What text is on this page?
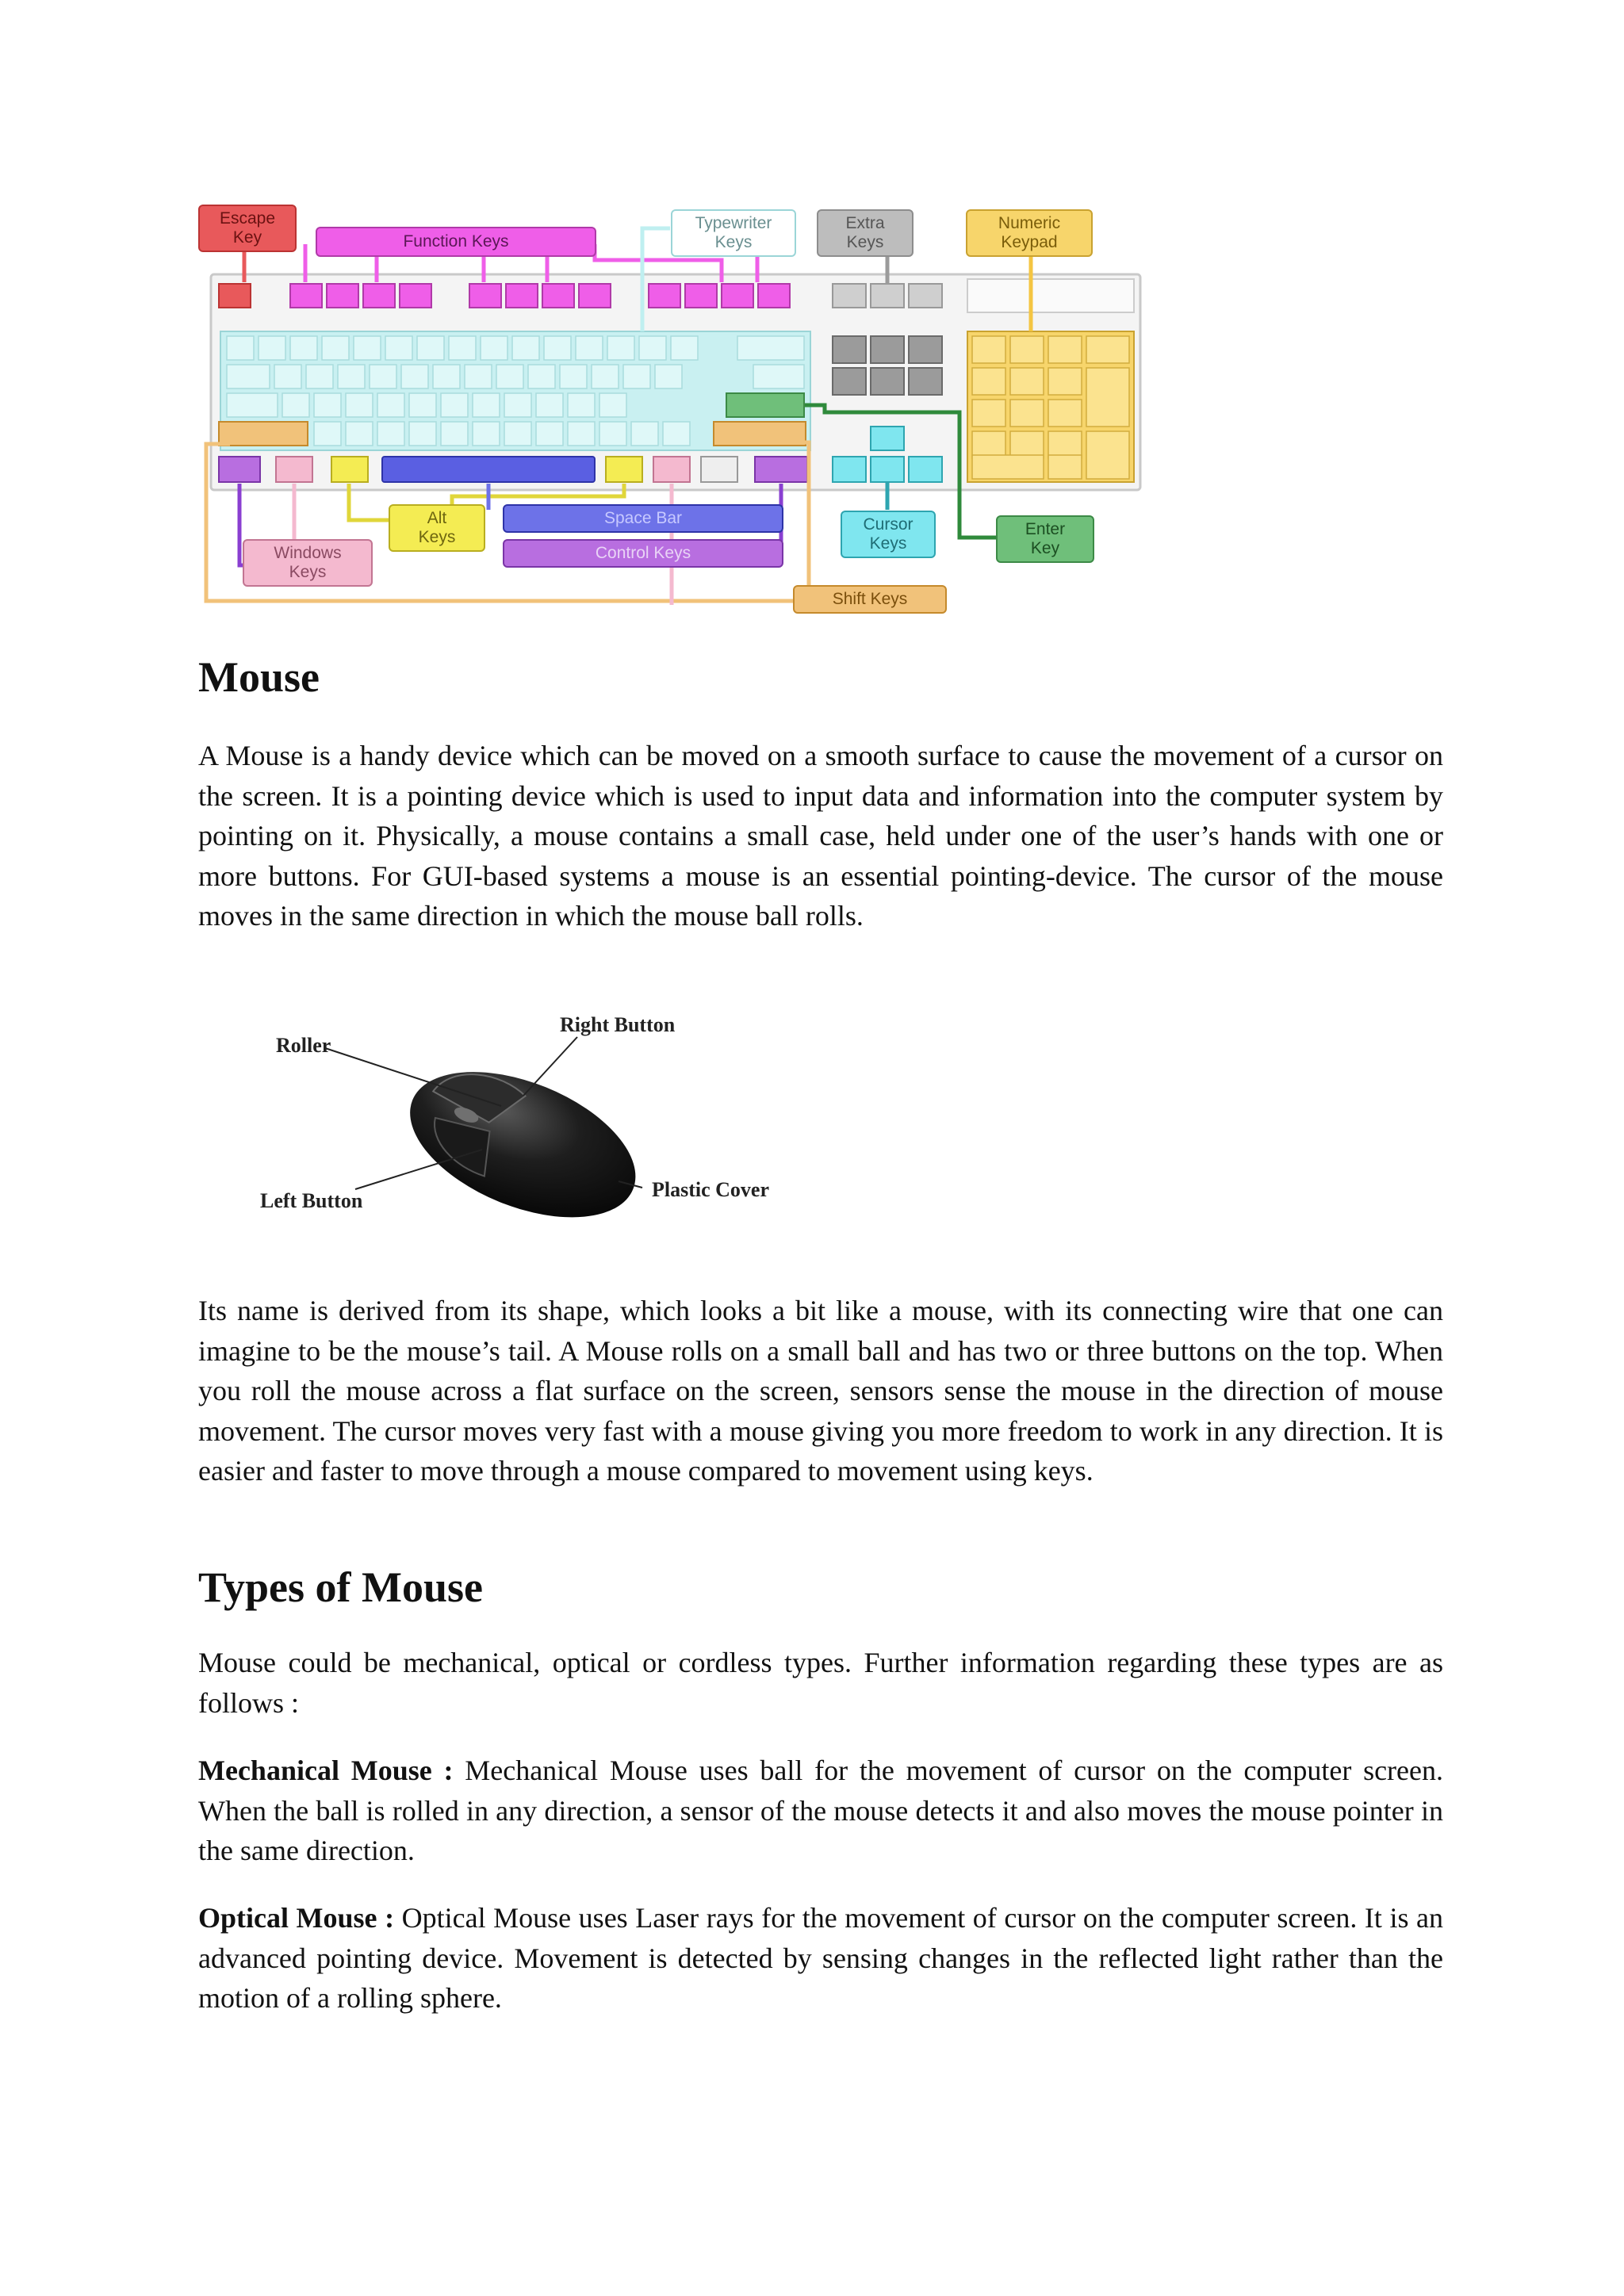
Escape
Key	Function Keys
Typewriter
Keys
Extra
Keys
Numeric
Keypad
Alt
Keys
Space Bar
Control Keys
Windows
Keys
Cursor
Keys
Enter
Key
Shift Keys
Mouse

A Mouse is a handy device which can be moved on a smooth surface to cause the movement of a cursor on the screen. It is a pointing device which is used to input data and information into the computer system by pointing on it. Physically, a mouse contains a small case, held under one of the user’s hands with one or more buttons. For GUI-based systems a mouse is an essential pointing-device. The cursor of the mouse moves in the same direction in which the mouse ball rolls.

Roller
Right Button
Left Button	Plastic Cover

Its name is derived from its shape, which looks a bit like a mouse, with its connecting wire that one can imagine to be the mouse’s tail. A Mouse rolls on a small ball and has two or three buttons on the top. When you roll the mouse across a flat surface on the screen, sensors sense the mouse in the direction of mouse movement. The cursor moves very fast with a mouse giving you more freedom to work in any direction. It is easier and faster to move through a mouse compared to movement using keys.

Types of Mouse

Mouse could be mechanical, optical or cordless types. Further information regarding these types are as follows :

Mechanical Mouse : Mechanical Mouse uses ball for the movement of cursor on the computer screen. When the ball is rolled in any direction, a sensor of the mouse detects it and also moves the mouse pointer in the same direction.

Optical Mouse : Optical Mouse uses Laser rays for the movement of cursor on the computer screen. It is an advanced pointing device. Movement is detected by sensing changes in the reflected light rather than the motion of a rolling sphere.
